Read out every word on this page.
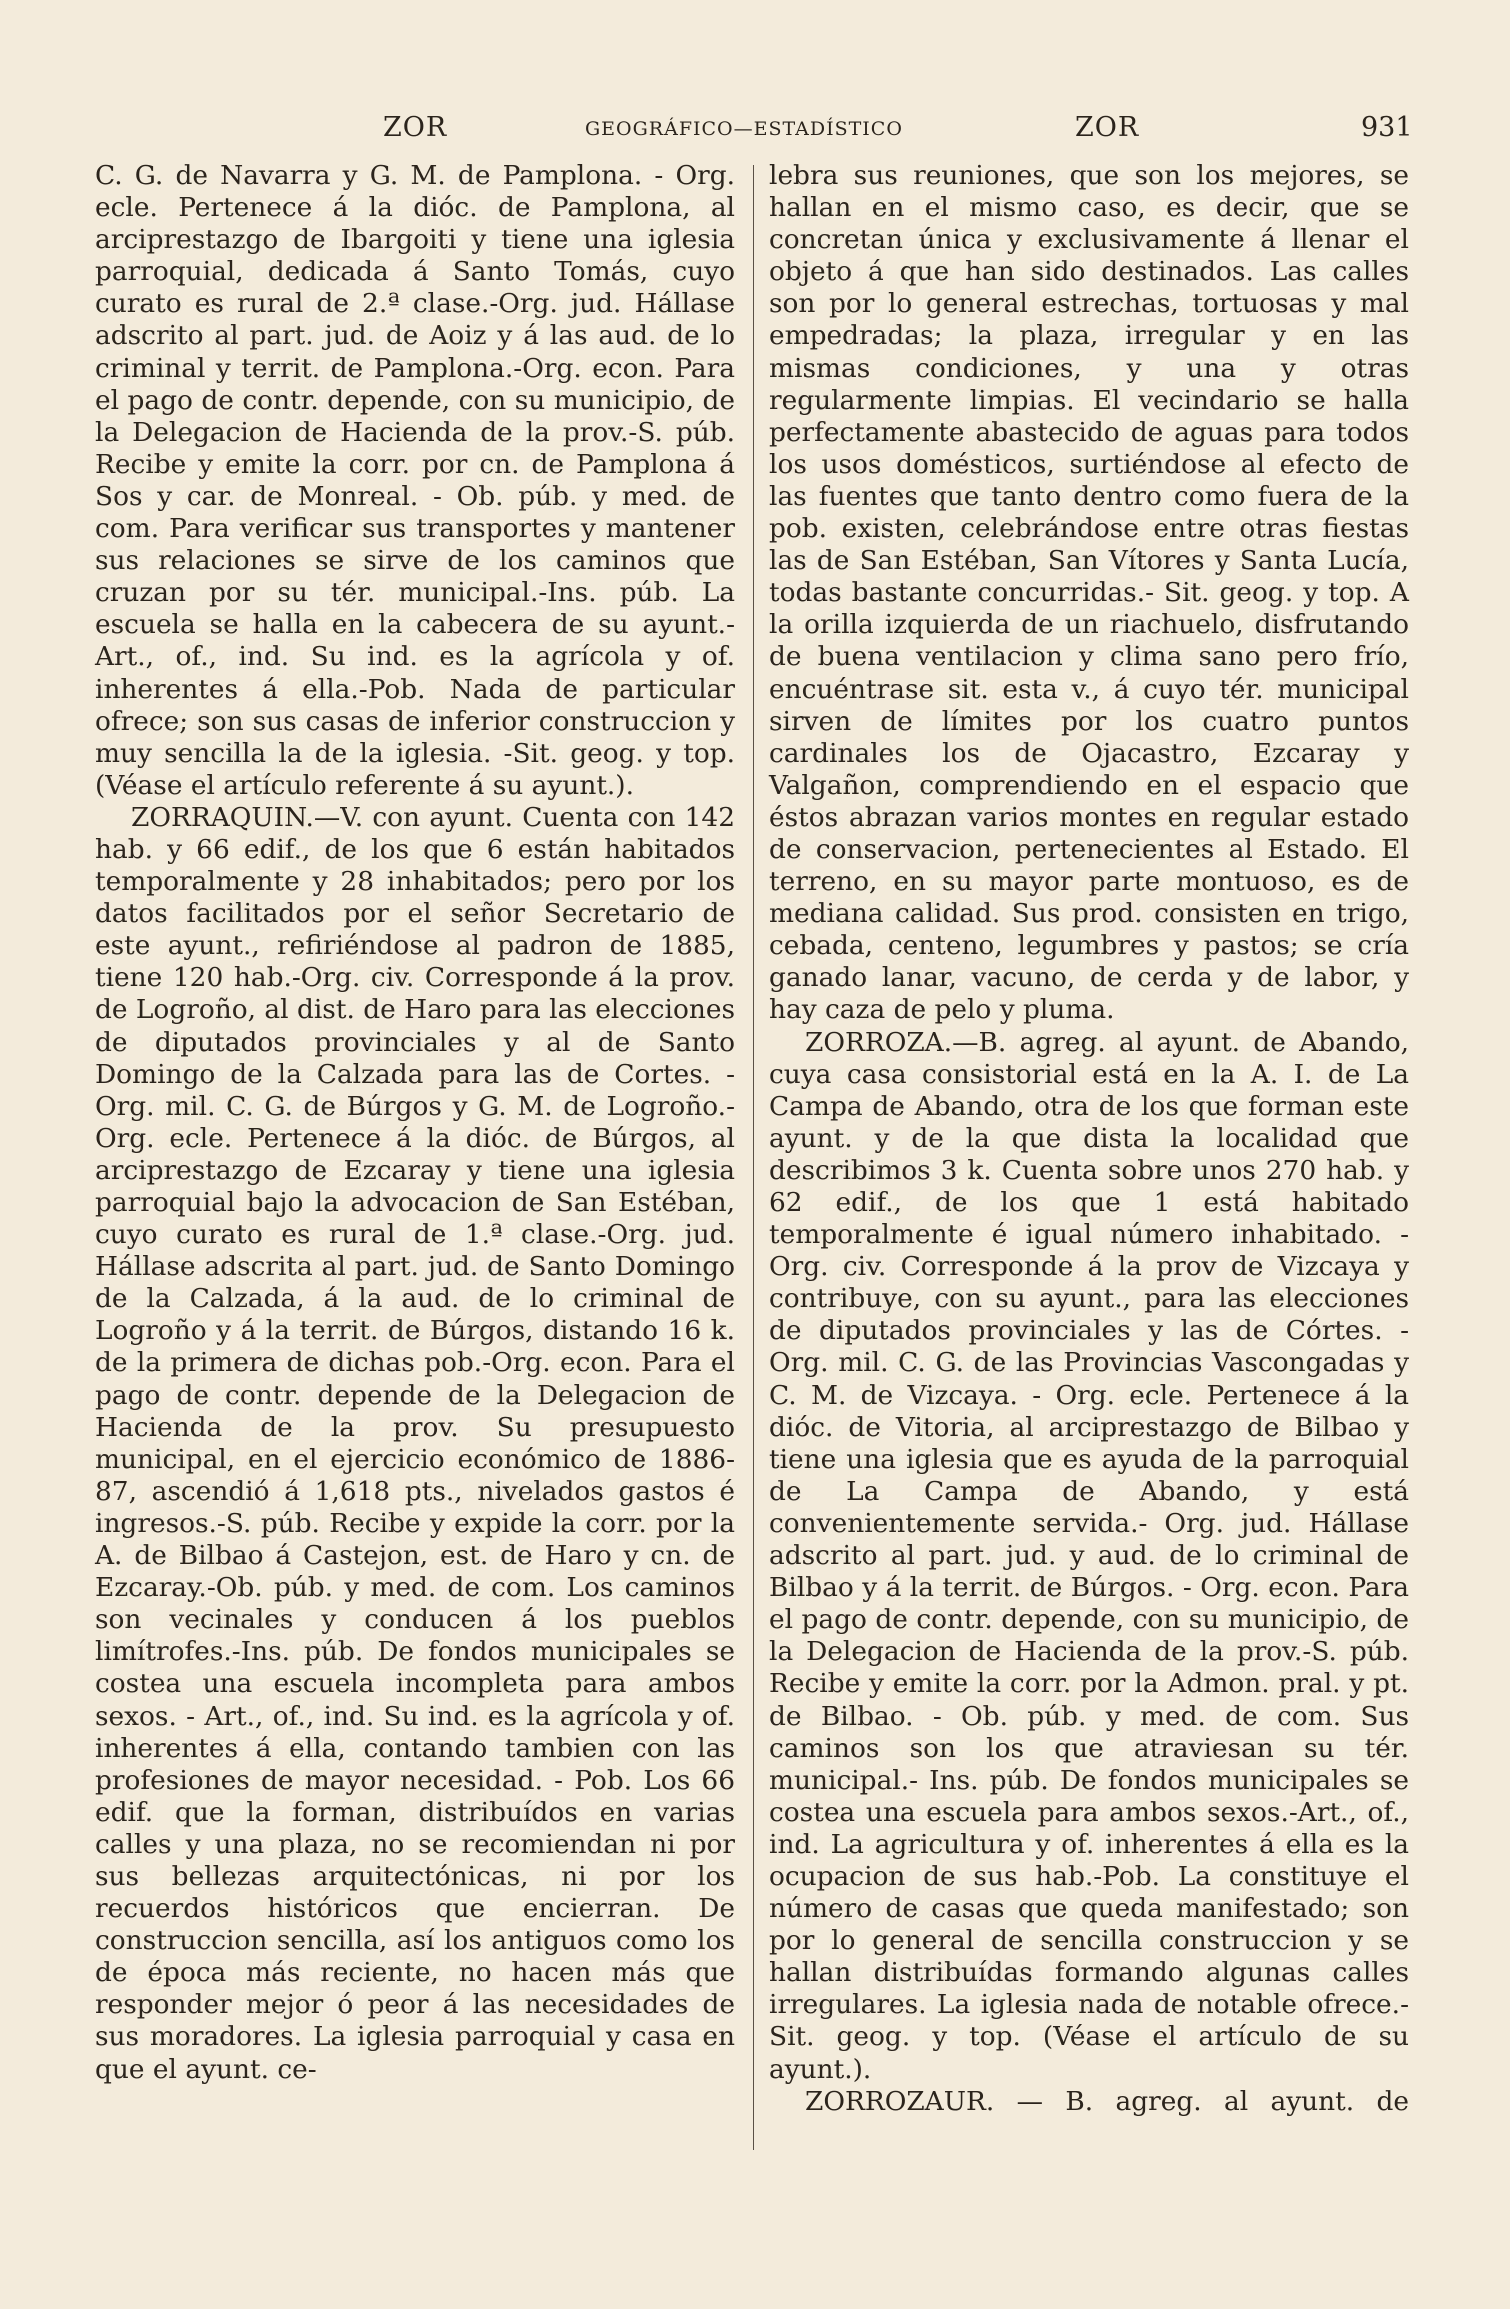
ZOR	GEOGRÁFICO—ESTADÍSTICO	ZOR	931

C. G. de Navarra y G. M. de Pamplona. - Org. ecle. Pertenece á la dióc. de Pamplona, al arciprestazgo de Ibargoiti y tiene una iglesia parroquial, dedicada á Santo Tomás, cuyo curato es rural de 2.ª clase.-Org. jud. Hállase adscrito al part. jud. de Aoiz y á las aud. de lo criminal y territ. de Pamplona.-Org. econ. Para el pago de contr. depende, con su municipio, de la Delegacion de Hacienda de la prov.-S. púb. Recibe y emite la corr. por cn. de Pamplona á Sos y car. de Monreal. - Ob. púb. y med. de com. Para verificar sus transportes y mantener sus relaciones se sirve de los caminos que cruzan por su tér. municipal.-Ins. púb. La escuela se halla en la cabecera de su ayunt.-Art., of., ind. Su ind. es la agrícola y of. inherentes á ella.-Pob. Nada de particular ofrece; son sus casas de inferior construccion y muy sencilla la de la iglesia. -Sit. geog. y top. (Véase el artículo referente á su ayunt.).

ZORRAQUIN.—V. con ayunt. Cuenta con 142 hab. y 66 edif., de los que 6 están habitados temporalmente y 28 inhabitados; pero por los datos facilitados por el señor Secretario de este ayunt., refiriéndose al padron de 1885, tiene 120 hab.-Org. civ. Corresponde á la prov. de Logroño, al dist. de Haro para las elecciones de diputados provinciales y al de Santo Domingo de la Calzada para las de Cortes. - Org. mil. C. G. de Búrgos y G. M. de Logroño.-Org. ecle. Pertenece á la dióc. de Búrgos, al arciprestazgo de Ezcaray y tiene una iglesia parroquial bajo la advocacion de San Estéban, cuyo curato es rural de 1.ª clase.-Org. jud. Hállase adscrita al part. jud. de Santo Domingo de la Calzada, á la aud. de lo criminal de Logroño y á la territ. de Búrgos, distando 16 k. de la primera de dichas pob.-Org. econ. Para el pago de contr. depende de la Delegacion de Hacienda de la prov. Su presupuesto municipal, en el ejercicio económico de 1886-87, ascendió á 1,618 pts., nivelados gastos é ingresos.-S. púb. Recibe y expide la corr. por la A. de Bilbao á Castejon, est. de Haro y cn. de Ezcaray.-Ob. púb. y med. de com. Los caminos son vecinales y conducen á los pueblos limítrofes.-Ins. púb. De fondos municipales se costea una escuela incompleta para ambos sexos. - Art., of., ind. Su ind. es la agrícola y of. inherentes á ella, contando tambien con las profesiones de mayor necesidad. - Pob. Los 66 edif. que la forman, distribuídos en varias calles y una plaza, no se recomiendan ni por sus bellezas arquitectónicas, ni por los recuerdos históricos que encierran. De construccion sencilla, así los antiguos como los de época más reciente, no hacen más que responder mejor ó peor á las necesidades de sus moradores. La iglesia parroquial y casa en que el ayunt. ce-

lebra sus reuniones, que son los mejores, se hallan en el mismo caso, es decir, que se concretan única y exclusivamente á llenar el objeto á que han sido destinados. Las calles son por lo general estrechas, tortuosas y mal empedradas; la plaza, irregular y en las mismas condiciones, y una y otras regularmente limpias. El vecindario se halla perfectamente abastecido de aguas para todos los usos domésticos, surtiéndose al efecto de las fuentes que tanto dentro como fuera de la pob. existen, celebrándose entre otras fiestas las de San Estéban, San Vítores y Santa Lucía, todas bastante concurridas.- Sit. geog. y top. A la orilla izquierda de un riachuelo, disfrutando de buena ventilacion y clima sano pero frío, encuéntrase sit. esta v., á cuyo tér. municipal sirven de límites por los cuatro puntos cardinales los de Ojacastro, Ezcaray y Valgañon, comprendiendo en el espacio que éstos abrazan varios montes en regular estado de conservacion, pertenecientes al Estado. El terreno, en su mayor parte montuoso, es de mediana calidad. Sus prod. consisten en trigo, cebada, centeno, legumbres y pastos; se cría ganado lanar, vacuno, de cerda y de labor, y hay caza de pelo y pluma.

ZORROZA.—B. agreg. al ayunt. de Abando, cuya casa consistorial está en la A. I. de La Campa de Abando, otra de los que forman este ayunt. y de la que dista la localidad que describimos 3 k. Cuenta sobre unos 270 hab. y 62 edif., de los que 1 está habitado temporalmente é igual número inhabitado. - Org. civ. Corresponde á la prov de Vizcaya y contribuye, con su ayunt., para las elecciones de diputados provinciales y las de Córtes. - Org. mil. C. G. de las Provincias Vascongadas y C. M. de Vizcaya. - Org. ecle. Pertenece á la dióc. de Vitoria, al arciprestazgo de Bilbao y tiene una iglesia que es ayuda de la parroquial de La Campa de Abando, y está convenientemente servida.- Org. jud. Hállase adscrito al part. jud. y aud. de lo criminal de Bilbao y á la territ. de Búrgos. - Org. econ. Para el pago de contr. depende, con su municipio, de la Delegacion de Hacienda de la prov.-S. púb. Recibe y emite la corr. por la Admon. pral. y pt. de Bilbao. - Ob. púb. y med. de com. Sus caminos son los que atraviesan su tér. municipal.- Ins. púb. De fondos municipales se costea una escuela para ambos sexos.-Art., of., ind. La agricultura y of. inherentes á ella es la ocupacion de sus hab.-Pob. La constituye el número de casas que queda manifestado; son por lo general de sencilla construccion y se hallan distribuídas formando algunas calles irregulares. La iglesia nada de notable ofrece.-Sit. geog. y top. (Véase el artículo de su ayunt.).

ZORROZAUR. — B. agreg. al ayunt. de
